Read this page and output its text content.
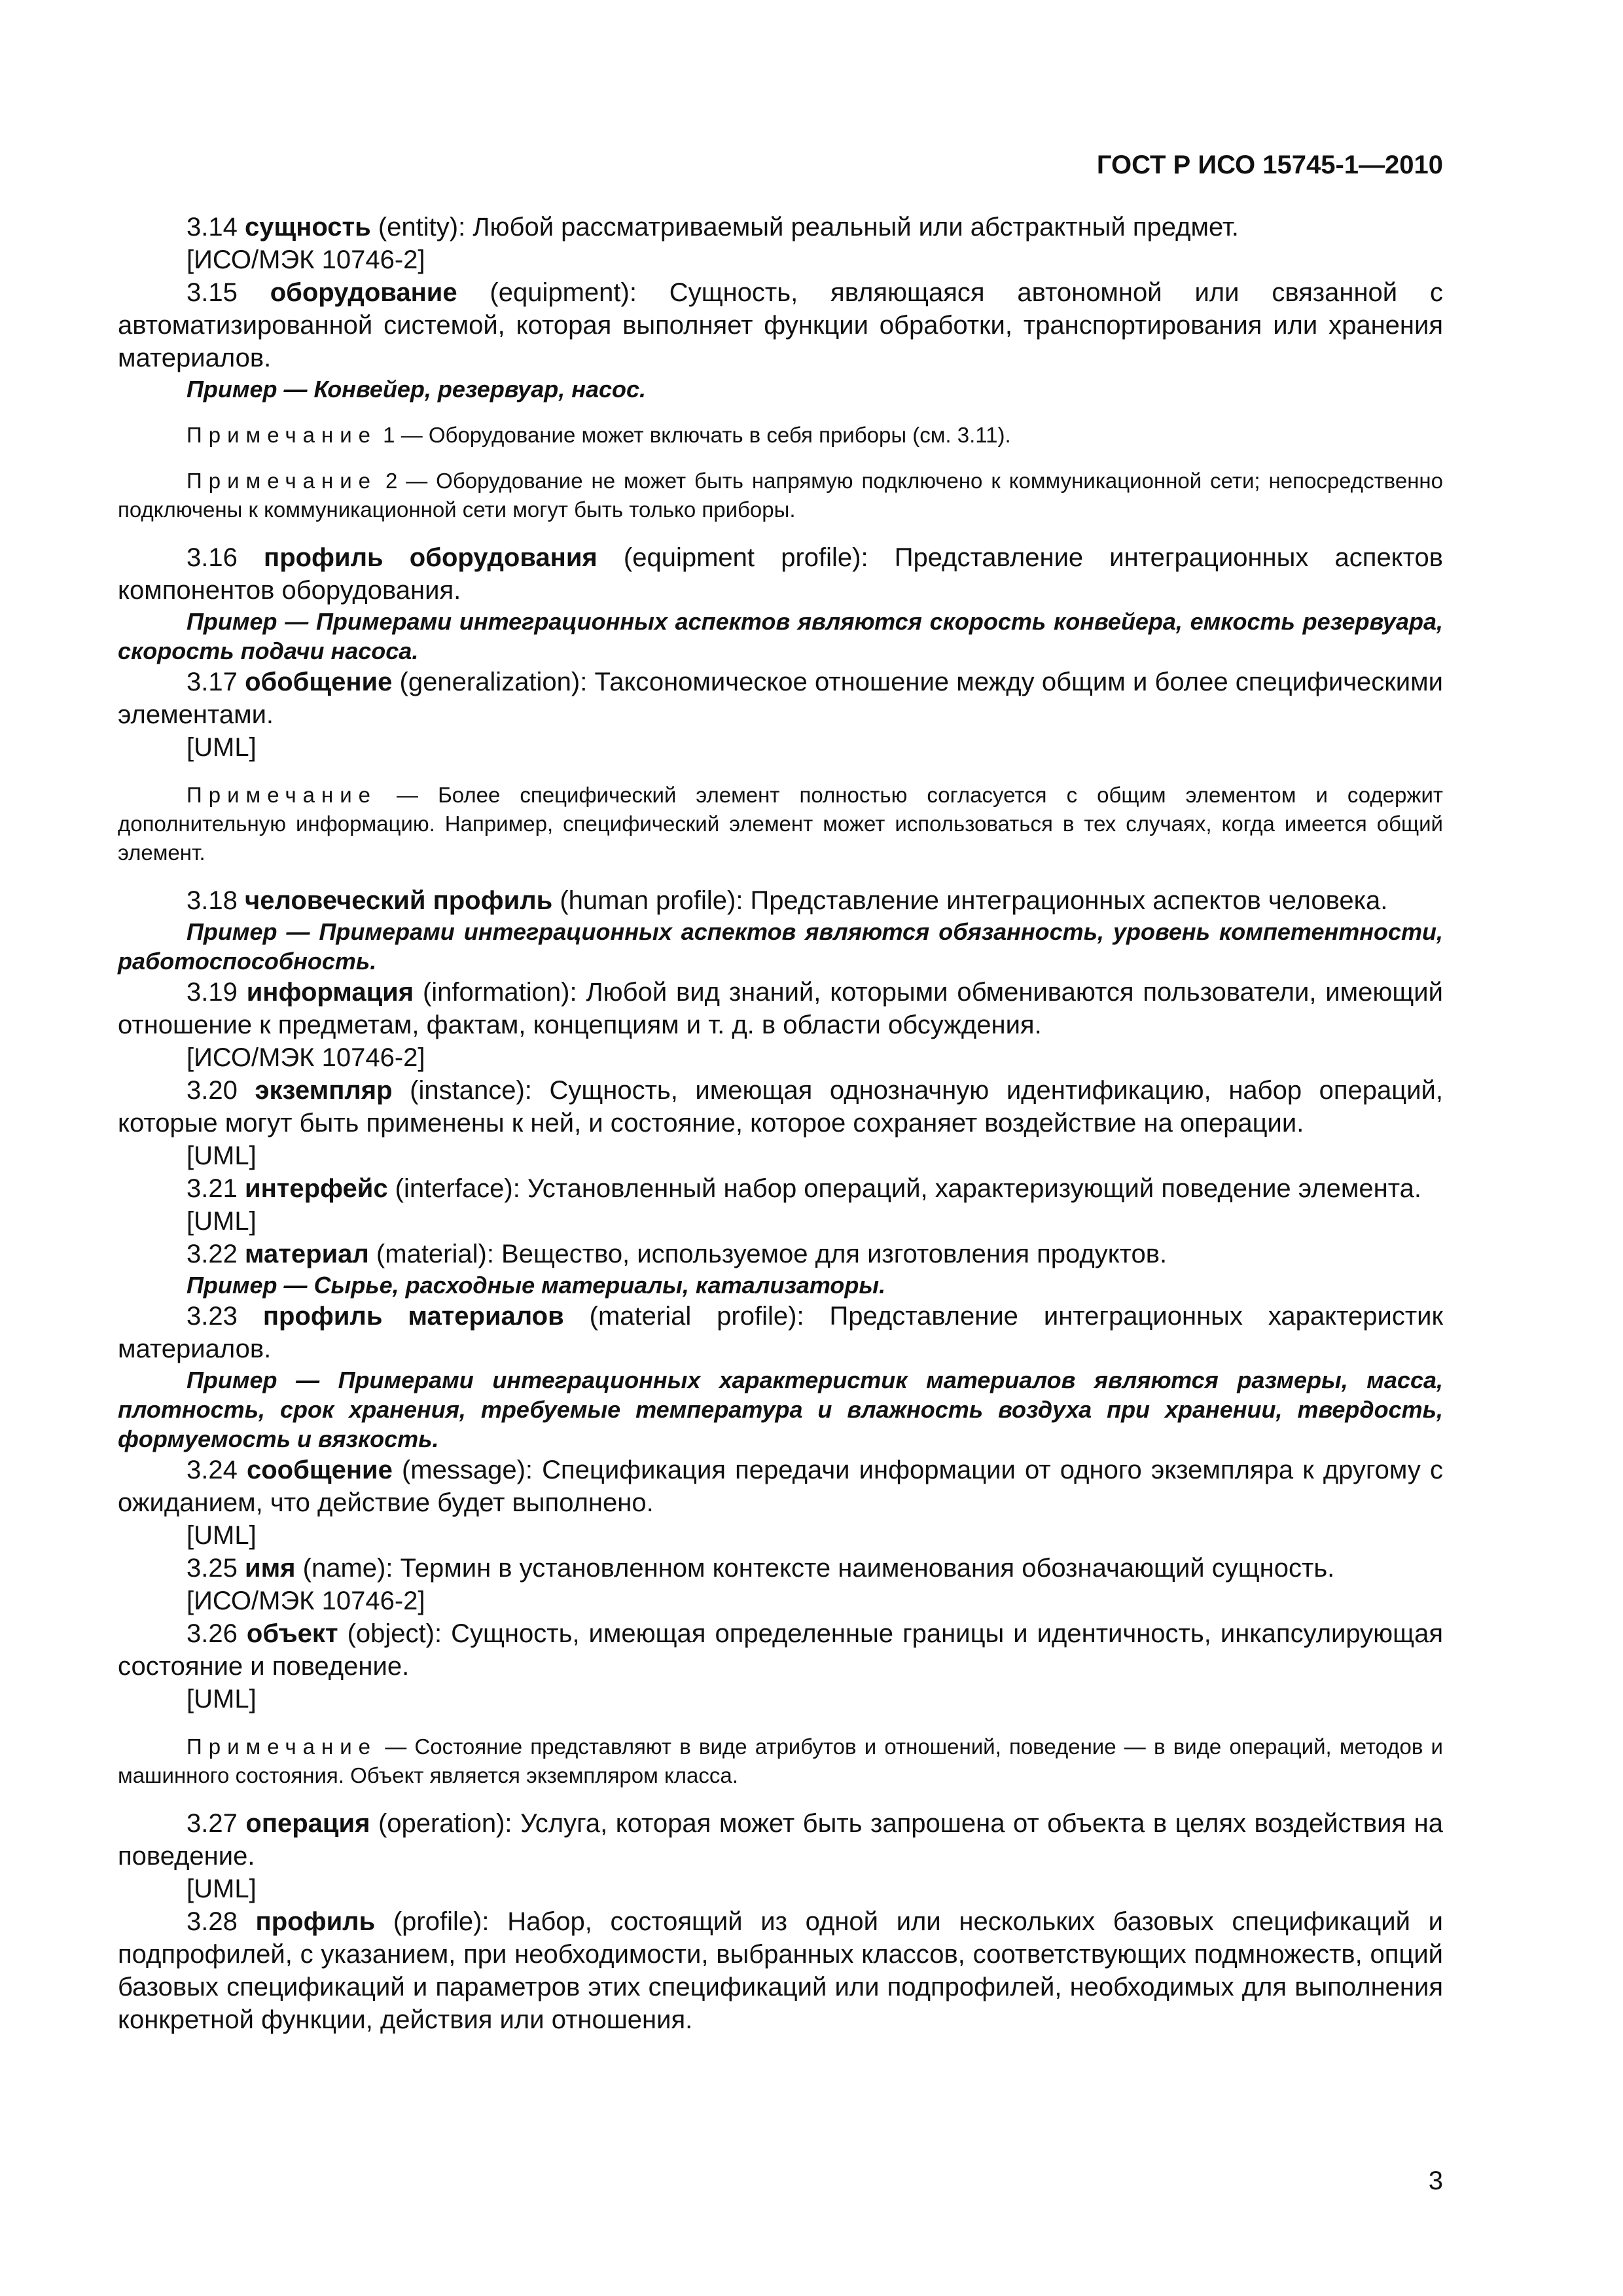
ГОСТ Р ИСО 15745-1—2010

3.14 сущность (entity): Любой рассматриваемый реальный или абстрактный предмет.

[ИСО/МЭК 10746-2]

3.15 оборудование (equipment): Сущность, являющаяся автономной или связанной с автоматизированной системой, которая выполняет функции обработки, транспортирования или хранения материалов.

Пример — Конвейер, резервуар, насос.

Примечание 1 — Оборудование может включать в себя приборы (см. 3.11).

Примечание 2 — Оборудование не может быть напрямую подключено к коммуникационной сети; непосредственно подключены к коммуникационной сети могут быть только приборы.

3.16 профиль оборудования (equipment profile): Представление интеграционных аспектов компонентов оборудования.

Пример — Примерами интеграционных аспектов являются скорость конвейера, емкость резервуара, скорость подачи насоса.

3.17 обобщение (generalization): Таксономическое отношение между общим и более специфическими элементами.

[UML]

Примечание — Более специфический элемент полностью согласуется с общим элементом и содержит дополнительную информацию. Например, специфический элемент может использоваться в тех случаях, когда имеется общий элемент.

3.18 человеческий профиль (human profile): Представление интеграционных аспектов человека.

Пример — Примерами интеграционных аспектов являются обязанность, уровень компетентности, работоспособность.

3.19 информация (information): Любой вид знаний, которыми обмениваются пользователи, имеющий отношение к предметам, фактам, концепциям и т. д. в области обсуждения.

[ИСО/МЭК 10746-2]

3.20 экземпляр (instance): Сущность, имеющая однозначную идентификацию, набор операций, которые могут быть применены к ней, и состояние, которое сохраняет воздействие на операции.

[UML]

3.21 интерфейс (interface): Установленный набор операций, характеризующий поведение элемента.

[UML]

3.22 материал (material): Вещество, используемое для изготовления продуктов.

Пример — Сырье, расходные материалы, катализаторы.

3.23 профиль материалов (material profile): Представление интеграционных характеристик материалов.

Пример — Примерами интеграционных характеристик материалов являются размеры, масса, плотность, срок хранения, требуемые температура и влажность воздуха при хранении, твердость, формуемость и вязкость.

3.24 сообщение (message): Спецификация передачи информации от одного экземпляра к другому с ожиданием, что действие будет выполнено.

[UML]

3.25 имя (name): Термин в установленном контексте наименования обозначающий сущность.

[ИСО/МЭК 10746-2]

3.26 объект (object): Сущность, имеющая определенные границы и идентичность, инкапсулирующая состояние и поведение.

[UML]

Примечание — Состояние представляют в виде атрибутов и отношений, поведение — в виде операций, методов и машинного состояния. Объект является экземпляром класса.

3.27 операция (operation): Услуга, которая может быть запрошена от объекта в целях воздействия на поведение.

[UML]

3.28 профиль (profile): Набор, состоящий из одной или нескольких базовых спецификаций и подпрофилей, с указанием, при необходимости, выбранных классов, соответствующих подмножеств, опций базовых спецификаций и параметров этих спецификаций или подпрофилей, необходимых для выполнения конкретной функции, действия или отношения.

3
